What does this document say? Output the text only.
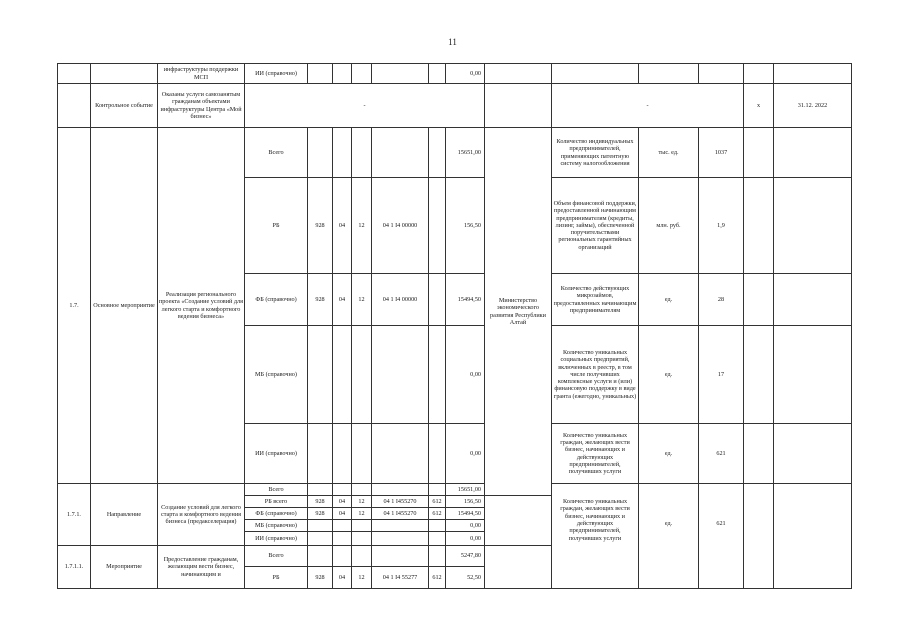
11
		инфраструктуры поддержки МСП	ИИ (справочно)						0,00						
	Контрольное событие	Оказаны услуги самозанятым гражданам объектами инфраструктуры Центра «Мой бизнес»	-								-			х	31.12. 2022
1.7.	Основное мероприятие	Реализация регионального проекта «Создание условий для легкого старта и комфортного ведения бизнеса»	Всего						15651,00	Министерство экономического развития Республики Алтай	Количество индивидуальных предпринимателей, применяющих патентную систему налогообложения	тыс. ед.	1037		
			РБ	928	04	12	04 1 I4 00000		156,50		Объем финансовой поддержки, предоставленной начинающим предпринимателям (кредиты, лизинг, займы), обеспеченной поручительствами региональных гарантийных организаций	млн. руб.	1,9		
			ФБ (справочно)	928	04	12	04 1 I4 00000		15494,50		Количество действующих микрозаймов, предоставленных начинающим предпринимателям	ед.	28		
			МБ (справочно)						0,00		Количество уникальных социальных предприятий, включенных в реестр, в том числе получивших комплексные услуги и (или) финансовую поддержку в виде гранта (ежегодно, уникальных)	ед.	17		
			ИИ (справочно)						0,00		Количество уникальных граждан, желающих вести бизнес, начинающих и действующих предпринимателей, получивших услуги	ед.	621		
1.7.1.	Направление	Создание условий для легкого старта и комфортного ведения бизнеса (предакселерация)	Всего						15651,00		Количество уникальных граждан, желающих вести бизнес, начинающих и действующих предпринимателей, получивших услуги	ед.	621		
			РБ всего	928	04	12	04 1 I455270	612	156,50						
			ФБ (справочно)	928	04	12	04 1 I455270	612	15494,50						
			МБ (справочно)						0,00						
			ИИ (справочно)						0,00						
1.7.1.1.	Мероприятие	Предоставление гражданам, желающим вести бизнес, начинающим и	Всего						5247,80						
			РБ	928	04	12	04 1 I4 55277	612	52,50						
